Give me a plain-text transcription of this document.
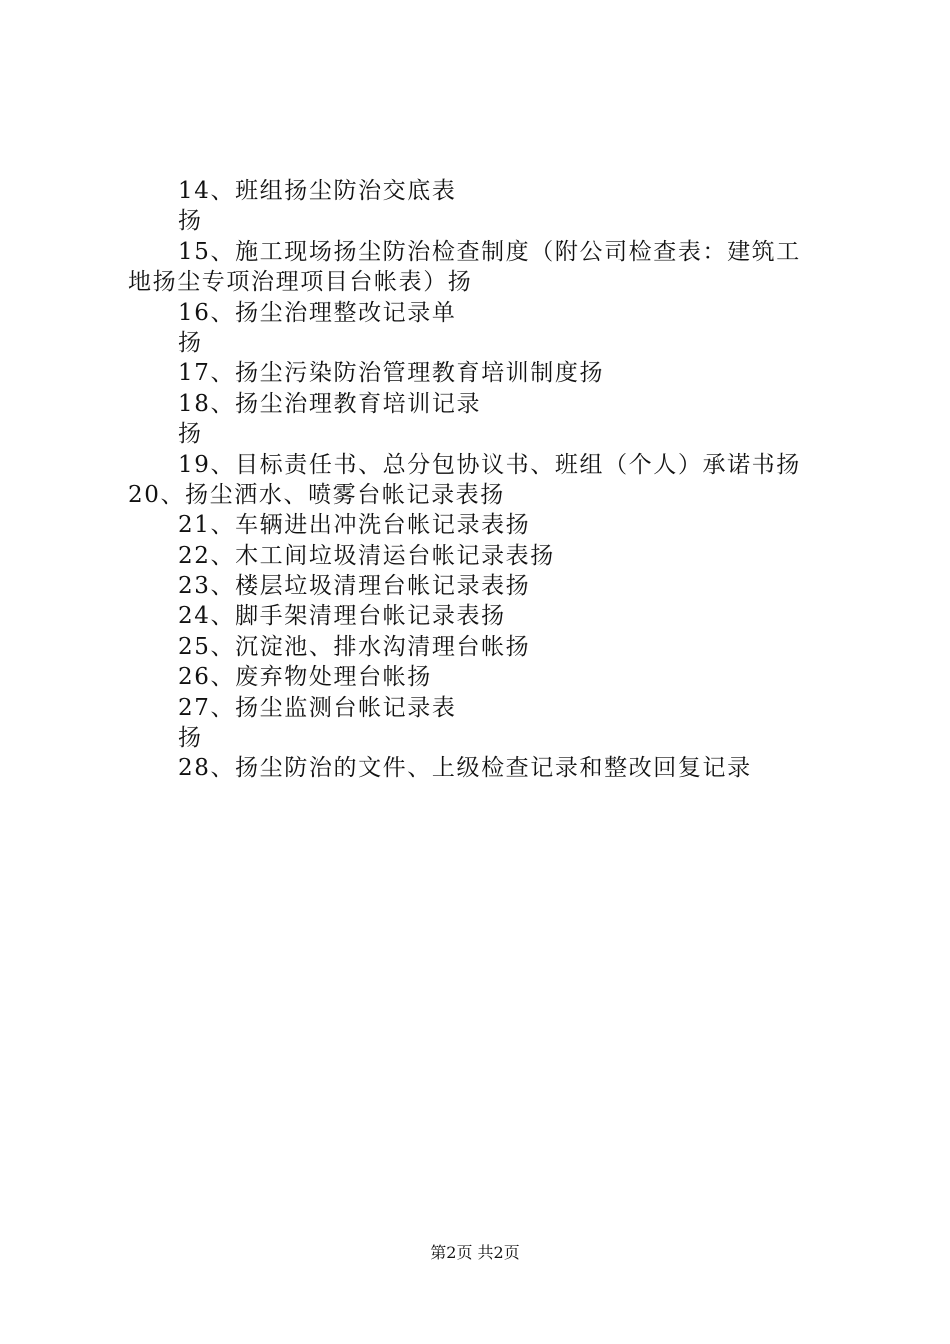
14、班组扬尘防治交底表
扬
15、施工现场扬尘防治检查制度（附公司检查表：建筑工
地扬尘专项治理项目台帐表）扬
16、扬尘治理整改记录单
扬
17、扬尘污染防治管理教育培训制度扬
18、扬尘治理教育培训记录
扬
19、目标责任书、总分包协议书、班组（个人）承诺书扬
20、扬尘洒水、喷雾台帐记录表扬
21、车辆进出冲洗台帐记录表扬
22、木工间垃圾清运台帐记录表扬
23、楼层垃圾清理台帐记录表扬
24、脚手架清理台帐记录表扬
25、沉淀池、排水沟清理台帐扬
26、废弃物处理台帐扬
27、扬尘监测台帐记录表
扬
28、扬尘防治的文件、上级检查记录和整改回复记录
第2页 共2页
